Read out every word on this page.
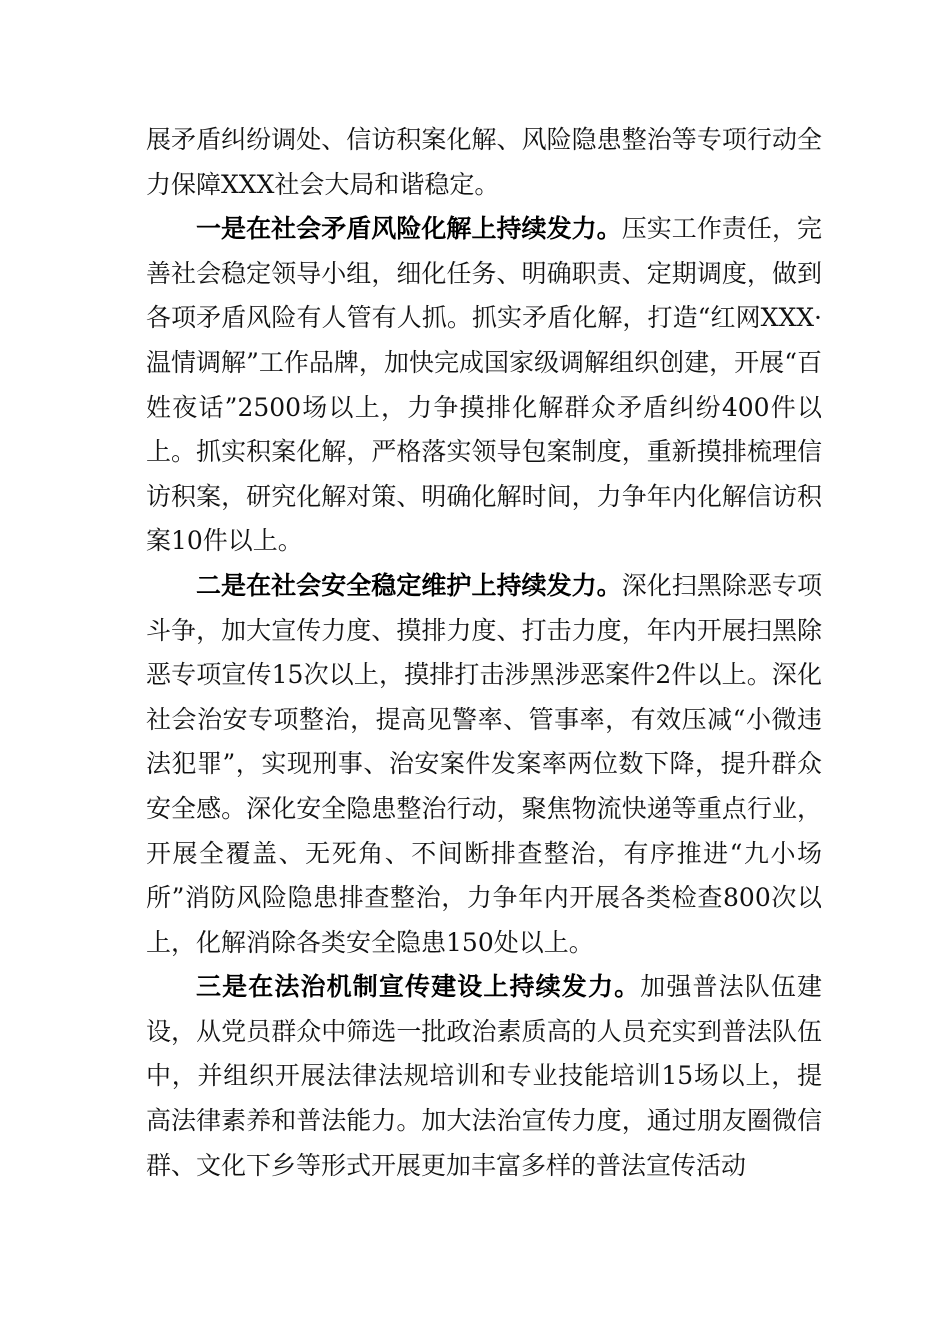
展矛盾纠纷调处、信访积案化解、风险隐患整治等专项行动全力保障XXX社会大局和谐稳定。

一是在社会矛盾风险化解上持续发力。压实工作责任，完善社会稳定领导小组，细化任务、明确职责、定期调度，做到各项矛盾风险有人管有人抓。抓实矛盾化解，打造“红网XXX·温情调解”工作品牌，加快完成国家级调解组织创建，开展“百姓夜话”2500场以上，力争摸排化解群众矛盾纠纷400件以上。抓实积案化解，严格落实领导包案制度，重新摸排梳理信访积案，研究化解对策、明确化解时间，力争年内化解信访积案10件以上。

二是在社会安全稳定维护上持续发力。深化扫黑除恶专项斗争，加大宣传力度、摸排力度、打击力度，年内开展扫黑除恶专项宣传15次以上，摸排打击涉黑涉恶案件2件以上。深化社会治安专项整治，提高见警率、管事率，有效压减“小微违法犯罪”，实现刑事、治安案件发案率两位数下降，提升群众安全感。深化安全隐患整治行动，聚焦物流快递等重点行业，开展全覆盖、无死角、不间断排查整治，有序推进“九小场所”消防风险隐患排查整治，力争年内开展各类检查800次以上，化解消除各类安全隐患150处以上。

三是在法治机制宣传建设上持续发力。加强普法队伍建设，从党员群众中筛选一批政治素质高的人员充实到普法队伍中，并组织开展法律法规培训和专业技能培训15场以上，提高法律素养和普法能力。加大法治宣传力度，通过朋友圈微信群、文化下乡等形式开展更加丰富多样的普法宣传活动
